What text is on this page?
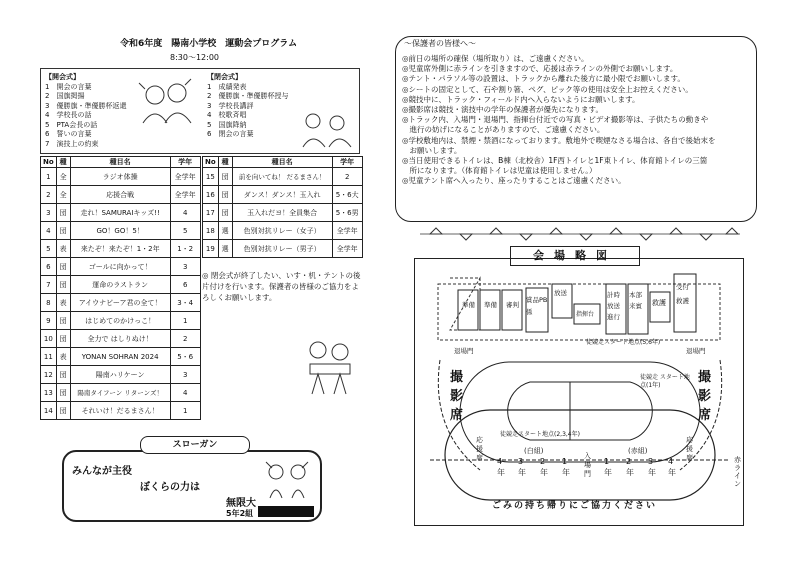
令和6年度　陽南小学校　運動会プログラム
8:30〜12:00
【開会式】
1　開会の言葉
2　国旗掲揚
3　優勝旗・準優勝杯返還
4　学校長の話
5　PTA会長の話
6　誓いの言葉
7　演技上の約束
【閉会式】
1　成績発表
2　優勝旗・準優勝杯授与
3　学校長講評
4　校歌斉唱
5　国旗降納
6　閉会の言葉
No	種	種目名	学年
1	全	ラジオ体操	全学年
2	全	応援合戦	全学年
3	団	走れ！SAMURAIキッズ!!	4
4	団	GO！GO！5！	5
5	表	来たぞ！来たぞ！1・2年	1・2
6	団	ゴールに向かって！	3
7	団	運命のラストラン	6
8	表	アイウナビーア君の全て！	3・4
9	団	はじめてのかけっこ！	1
10	団	全力で はしりぬけ！	2
11	表	YONAN SOHRAN 2024	5・6
12	団	陽南ハリケーン	3
13	団	陽南タイフーン リターンズ！	4
14	団	それいけ！だるまさん！	1
No	種	種目名	学年
15	団	前を向いてね！ だるまさん！	2
16	団	ダンス！ダンス！玉入れ	5・6大
17	団	玉入れだヨ！全員集合	5・6男
18	選	色別対抗リレー（女子）	全学年
19	選	色別対抗リレー（男子）	全学年
◎ 閉会式が終了したい、いす・机・テントの後片付けを行います。保護者の皆様のご協力をよろしくお願いします。
スローガン
みんなが主役
ぼくらの力は
無限大
5年2組
〜保護者の皆様へ〜
◎前日の場所の確保（場所取り）は、ご遠慮ください。
◎児童席外側に赤ラインを引きますので、応援は赤ラインの外側でお願いします。
◎テント・パラソル等の設置は、トラックから離れた後方に最小限でお願いします。
◎シートの固定として、石や割り箸、ペグ、ピック等の使用は安全上お控えください。
◎競技中に、トラック・フィールド内へ入らないようにお願いします。
◎撮影席は競技・演技中の学年の保護者が優先になります。
◎トラック内、入場門・退場門、指揮台付近での写真・ビデオ撮影等は、子供たちの動きや
　進行の妨げになることがありますので、ご遠慮ください。
◎学校敷地内は、禁煙・禁酒になっております。敷地外で喫煙なさる場合は、各自で後始末を
　お願いします。
◎当日使用できるトイレは、B棟（北校舎）1F西トイレと1F東トイレ、体育館トイレの三箇
　所になります。（体育館トイレは児童は使用しません。）
◎児童テント席へ入ったり、座ったりすることはご遠慮ください。
会場略図
準備 準備 審判
賞品PB係
放送
指揮台
計時 放送 進行
本部 来賓	救護
受付 救護
退場門	退場門
徒競走スタート地点(5,6年)
徒競走 スタート地点(1年)
徒競走スタート地点(2,3,4年)
撮影席
撮影席
応援席
応援席
(白組)	(赤組)
4年
3年
2年
1年
入場門
1年
2年
3年
4年
赤ライン
ごみの持ち帰りにご協力ください
